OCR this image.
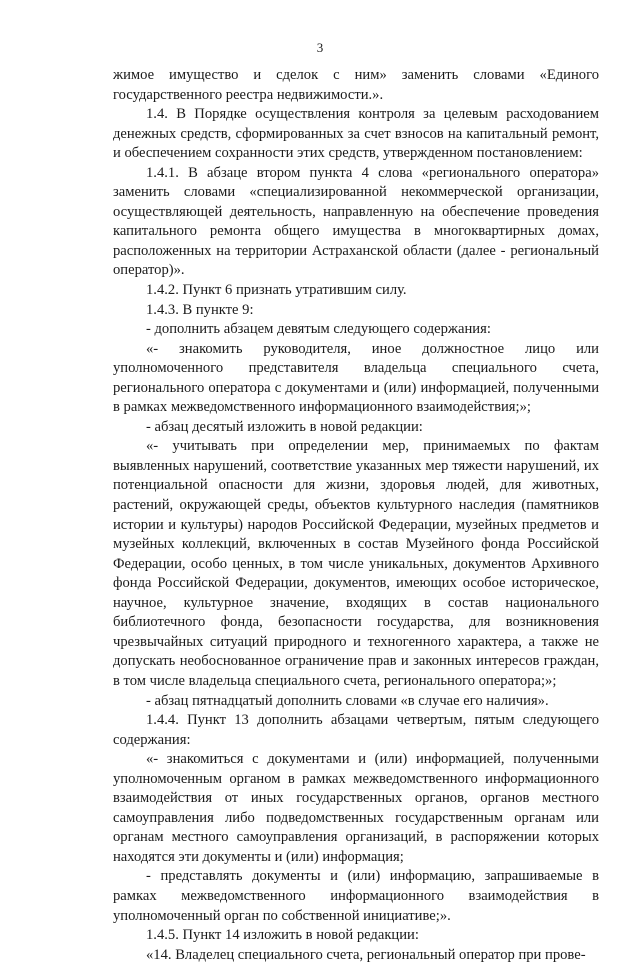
3

жимое имущество и сделок с ним» заменить словами «Единого государственного реестра недвижимости.».

1.4. В Порядке осуществления контроля за целевым расходованием денежных средств, сформированных за счет взносов на капитальный ремонт, и обеспечением сохранности этих средств, утвержденном постановлением:

1.4.1. В абзаце втором пункта 4 слова «регионального оператора» заменить словами «специализированной некоммерческой организации, осуществляющей деятельность, направленную на обеспечение проведения капитального ремонта общего имущества в многоквартирных домах, расположенных на территории Астраханской области (далее - региональный оператор)».

1.4.2. Пункт 6 признать утратившим силу.

1.4.3. В пункте 9:

- дополнить абзацем девятым следующего содержания:

«- знакомить руководителя, иное должностное лицо или уполномоченного представителя владельца специального счета, регионального оператора с документами и (или) информацией, полученными в рамках межведомственного информационного взаимодействия;»;

- абзац десятый изложить в новой редакции:

«- учитывать при определении мер, принимаемых по фактам выявленных нарушений, соответствие указанных мер тяжести нарушений, их потенциальной опасности для жизни, здоровья людей, для животных, растений, окружающей среды, объектов культурного наследия (памятников истории и культуры) народов Российской Федерации, музейных предметов и музейных коллекций, включенных в состав Музейного фонда Российской Федерации, особо ценных, в том числе уникальных, документов Архивного фонда Российской Федерации, документов, имеющих особое историческое, научное, культурное значение, входящих в состав национального библиотечного фонда, безопасности государства, для возникновения чрезвычайных ситуаций природного и техногенного характера, а также не допускать необоснованное ограничение прав и законных интересов граждан, в том числе владельца специального счета, регионального оператора;»;

- абзац пятнадцатый дополнить словами «в случае его наличия».

1.4.4. Пункт 13 дополнить абзацами четвертым, пятым следующего содержания:

«- знакомиться с документами и (или) информацией, полученными уполномоченным органом в рамках межведомственного информационного взаимодействия от иных государственных органов, органов местного самоуправления либо подведомственных государственным органам или органам местного самоуправления организаций, в распоряжении которых находятся эти документы и (или) информация;

- представлять документы и (или) информацию, запрашиваемые в рамках межведомственного информационного взаимодействия в уполномоченный орган по собственной инициативе;».

1.4.5. Пункт 14 изложить в новой редакции:

«14. Владелец специального счета, региональный оператор при прове-
